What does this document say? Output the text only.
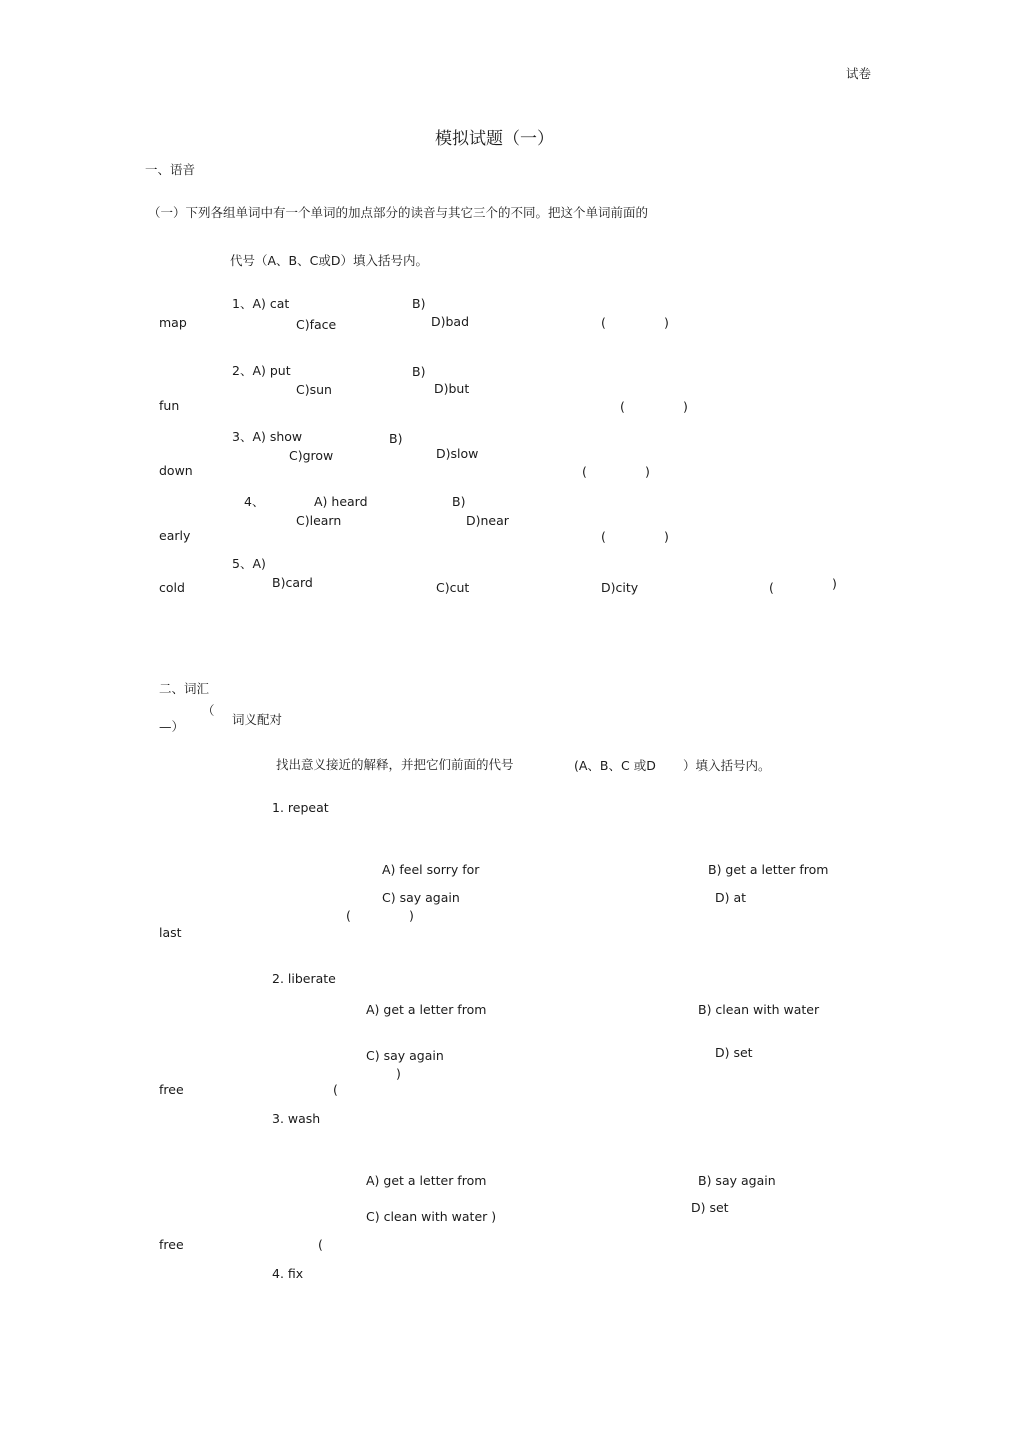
试卷
模拟试题（一）
一、语音
（一）下列各组单词中有一个单词的加点部分的读音与其它三个的不同。把这个单词前面的
代号（A、B、C或D）填入括号内。
1、A) cat	B)
map	C)face	D)bad	(	)
2、A) put	B)
C)sun	D)but
fun	(	)
3、A) show	B)
C)grow	D)slow
down	(	)
4、	A) heard	B)
C)learn	D)near
early	(	)
5、A)
B)card
cold	C)cut	D)city	(	)
二、词汇
（
词义配对
—）
找出意义接近的解释，并把它们前面的代号	(A、B、C 或D ）填入括号内。
1. repeat
A) feel sorry for	B) get a letter from
C) say again	D) at
(	)
last
2. liberate
A) get a letter from	B) clean with water
D) set
C) say again
)
free	(
3. wash
A) get a letter from	B) say again
D) set
C) clean with water )
free	(
4. fix
